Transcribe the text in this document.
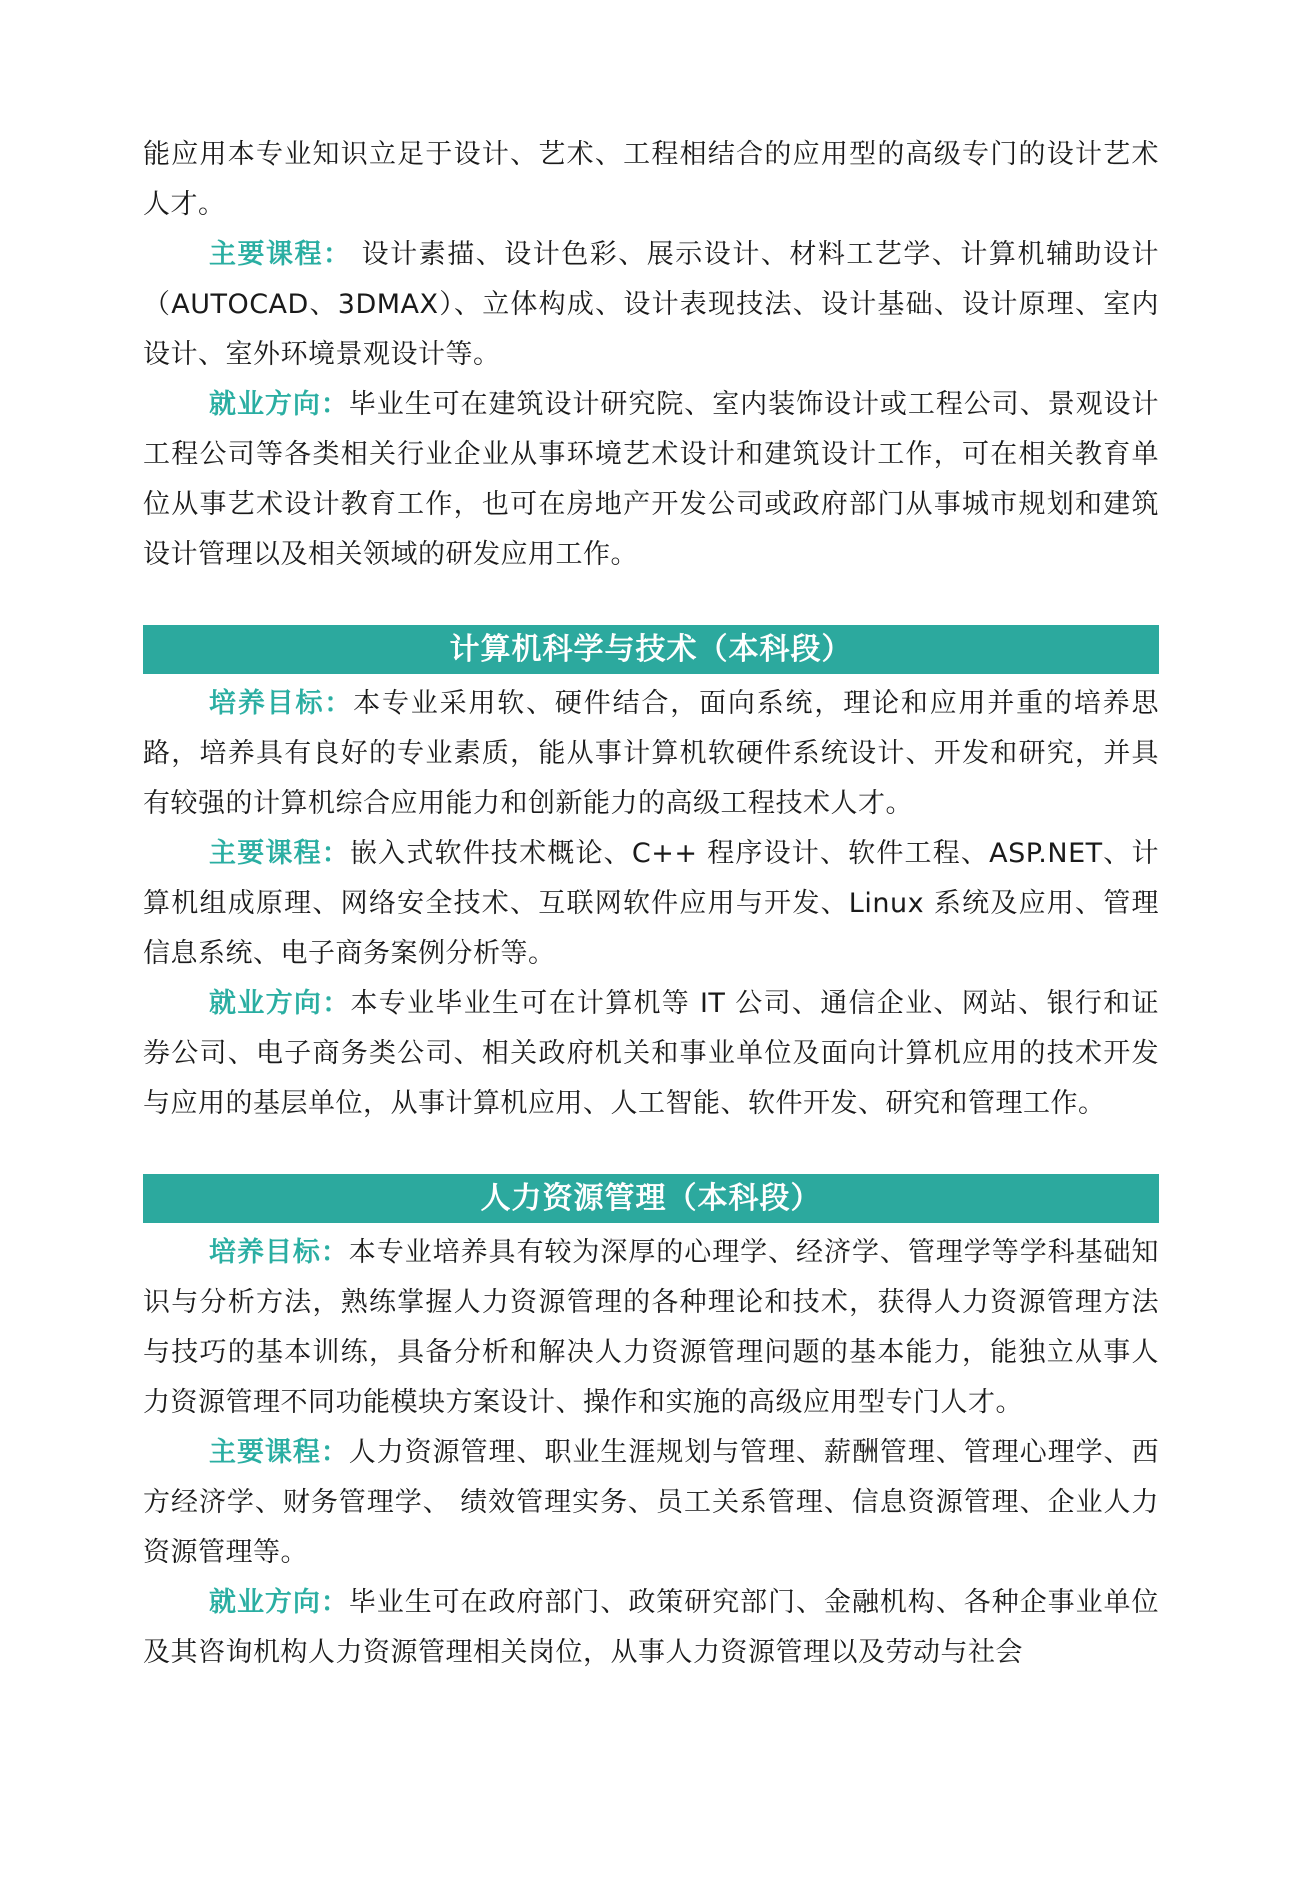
能应用本专业知识立足于设计、艺术、工程相结合的应用型的高级专门的设计艺术人才。

主要课程： 设计素描、设计色彩、展示设计、材料工艺学、计算机辅助设计（AUTOCAD、3DMAX）、立体构成、设计表现技法、设计基础、设计原理、室内设计、室外环境景观设计等。

就业方向：毕业生可在建筑设计研究院、室内装饰设计或工程公司、景观设计工程公司等各类相关行业企业从事环境艺术设计和建筑设计工作，可在相关教育单位从事艺术设计教育工作，也可在房地产开发公司或政府部门从事城市规划和建筑设计管理以及相关领域的研发应用工作。

计算机科学与技术（本科段）

培养目标：本专业采用软、硬件结合，面向系统，理论和应用并重的培养思路，培养具有良好的专业素质，能从事计算机软硬件系统设计、开发和研究，并具有较强的计算机综合应用能力和创新能力的高级工程技术人才。

主要课程：嵌入式软件技术概论、C++ 程序设计、软件工程、ASP.NET、计算机组成原理、网络安全技术、互联网软件应用与开发、Linux 系统及应用、管理信息系统、电子商务案例分析等。

就业方向：本专业毕业生可在计算机等 IT 公司、通信企业、网站、银行和证券公司、电子商务类公司、相关政府机关和事业单位及面向计算机应用的技术开发与应用的基层单位，从事计算机应用、人工智能、软件开发、研究和管理工作。

人力资源管理（本科段）

培养目标：本专业培养具有较为深厚的心理学、经济学、管理学等学科基础知识与分析方法，熟练掌握人力资源管理的各种理论和技术，获得人力资源管理方法与技巧的基本训练，具备分析和解决人力资源管理问题的基本能力，能独立从事人力资源管理不同功能模块方案设计、操作和实施的高级应用型专门人才。

主要课程：人力资源管理、职业生涯规划与管理、薪酬管理、管理心理学、西方经济学、财务管理学、 绩效管理实务、员工关系管理、信息资源管理、企业人力资源管理等。

就业方向：毕业生可在政府部门、政策研究部门、金融机构、各种企事业单位及其咨询机构人力资源管理相关岗位，从事人力资源管理以及劳动与社会
